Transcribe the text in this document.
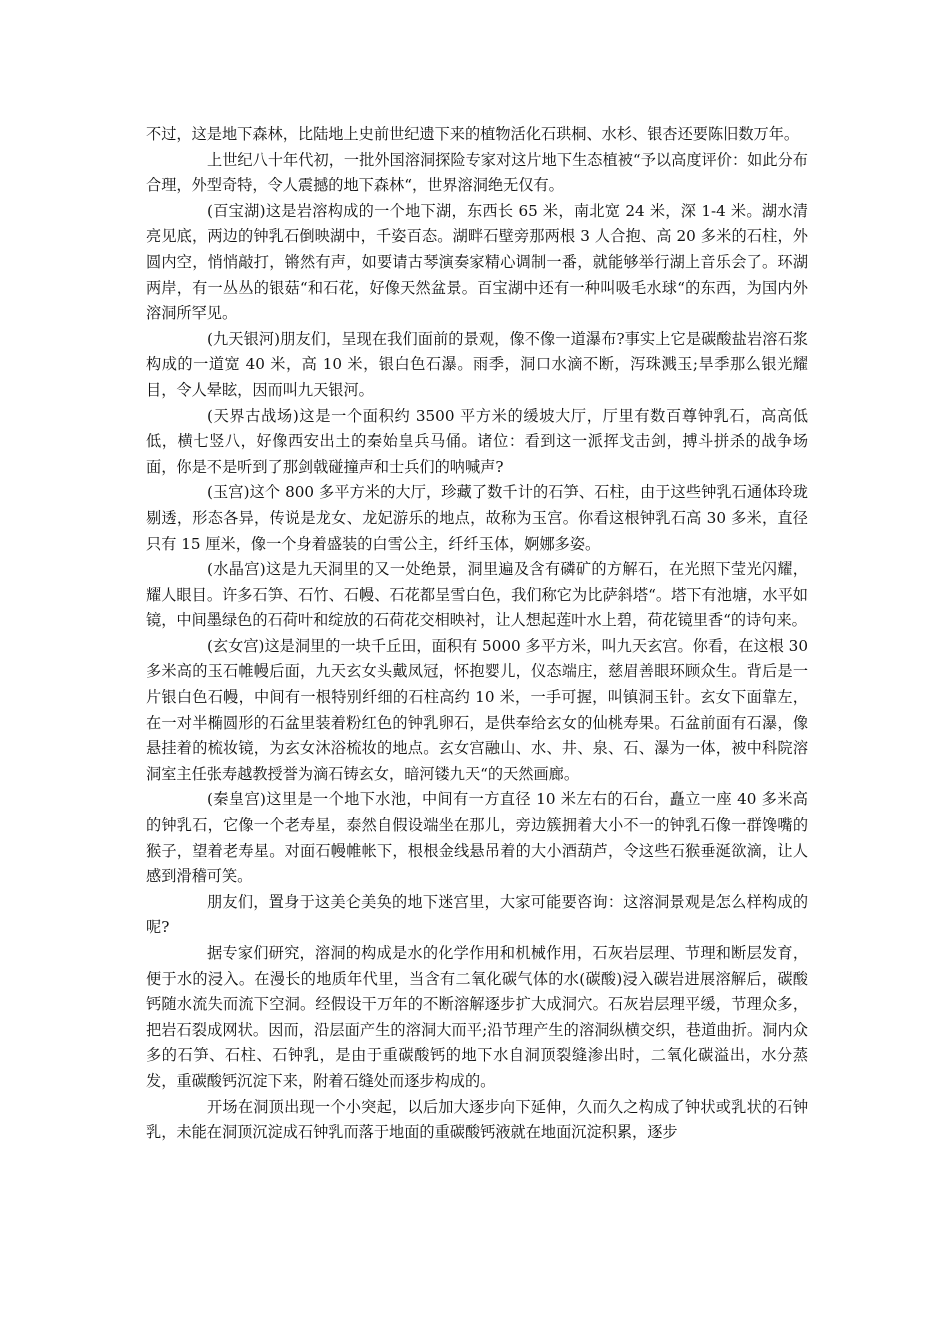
不过，这是地下森林，比陆地上史前世纪遗下来的植物活化石珙桐、水杉、银杏还要陈旧数万年。

上世纪八十年代初，一批外国溶洞探险专家对这片地下生态植被“予以高度评价：如此分布合理，外型奇特，令人震撼的地下森林“，世界溶洞绝无仅有。

(百宝湖)这是岩溶构成的一个地下湖，东西长 65 米，南北宽 24 米，深 1-4 米。湖水清亮见底，两边的钟乳石倒映湖中，千姿百态。湖畔石壁旁那两根 3 人合抱、高 20 多米的石柱，外圆内空，悄悄敲打，锵然有声，如要请古琴演奏家精心调制一番，就能够举行湖上音乐会了。环湖两岸，有一丛丛的银菇“和石花，好像天然盆景。百宝湖中还有一种叫吸毛水球“的东西，为国内外溶洞所罕见。

(九天银河)朋友们，呈现在我们面前的景观，像不像一道瀑布?事实上它是碳酸盐岩溶石浆构成的一道宽 40 米，高 10 米，银白色石瀑。雨季，洞口水滴不断，泻珠溅玉;旱季那么银光耀目，令人晕眩，因而叫九天银河。

(天界古战场)这是一个面积约 3500 平方米的缓坡大厅，厅里有数百尊钟乳石，高高低低，横七竖八，好像西安出土的秦始皇兵马俑。诸位：看到这一派挥戈击剑，搏斗拼杀的战争场面，你是不是听到了那剑戟碰撞声和士兵们的呐喊声?

(玉宫)这个 800 多平方米的大厅，珍藏了数千计的石笋、石柱，由于这些钟乳石通体玲珑剔透，形态各异，传说是龙女、龙妃游乐的地点，故称为玉宫。你看这根钟乳石高 30 多米，直径只有 15 厘米，像一个身着盛装的白雪公主，纤纤玉体，婀娜多姿。

(水晶宫)这是九天洞里的又一处绝景，洞里遍及含有磷矿的方解石，在光照下莹光闪耀，耀人眼目。许多石笋、石竹、石幔、石花都呈雪白色，我们称它为比萨斜塔“。塔下有池塘，水平如镜，中间墨绿色的石荷叶和绽放的石荷花交相映衬，让人想起莲叶水上碧，荷花镜里香“的诗句来。

(玄女宫)这是洞里的一块千丘田，面积有 5000 多平方米，叫九天玄宫。你看，在这根 30 多米高的玉石帷幔后面，九天玄女头戴凤冠，怀抱婴儿，仪态端庄，慈眉善眼环顾众生。背后是一片银白色石幔，中间有一根特别纤细的石柱高约 10 米，一手可握，叫镇洞玉针。玄女下面靠左，在一对半椭圆形的石盆里装着粉红色的钟乳卵石，是供奉给玄女的仙桃寿果。石盆前面有石瀑，像悬挂着的梳妆镜，为玄女沐浴梳妆的地点。玄女宫融山、水、井、泉、石、瀑为一体，被中科院溶洞室主任张寿越教授誉为滴石铸玄女，暗河镂九天“的天然画廊。

(秦皇宫)这里是一个地下水池，中间有一方直径 10 米左右的石台，矗立一座 40 多米高的钟乳石，它像一个老寿星，泰然自假设端坐在那儿，旁边簇拥着大小不一的钟乳石像一群馋嘴的猴子，望着老寿星。对面石幔帷帐下，根根金线悬吊着的大小酒葫芦，令这些石猴垂涎欲滴，让人感到滑稽可笑。

朋友们，置身于这美仑美奂的地下迷宫里，大家可能要咨询：这溶洞景观是怎么样构成的呢?

据专家们研究，溶洞的构成是水的化学作用和机械作用，石灰岩层理、节理和断层发育，便于水的浸入。在漫长的地质年代里，当含有二氧化碳气体的水(碳酸)浸入碳岩进展溶解后，碳酸钙随水流失而流下空洞。经假设干万年的不断溶解逐步扩大成洞穴。石灰岩层理平缓，节理众多，把岩石裂成网状。因而，沿层面产生的溶洞大而平;沿节理产生的溶洞纵横交织，巷道曲折。洞内众多的石笋、石柱、石钟乳，是由于重碳酸钙的地下水自洞顶裂缝渗出时，二氧化碳溢出，水分蒸发，重碳酸钙沉淀下来，附着石缝处而逐步构成的。

开场在洞顶出现一个小突起，以后加大逐步向下延伸，久而久之构成了钟状或乳状的石钟乳，未能在洞顶沉淀成石钟乳而落于地面的重碳酸钙液就在地面沉淀积累，逐步
